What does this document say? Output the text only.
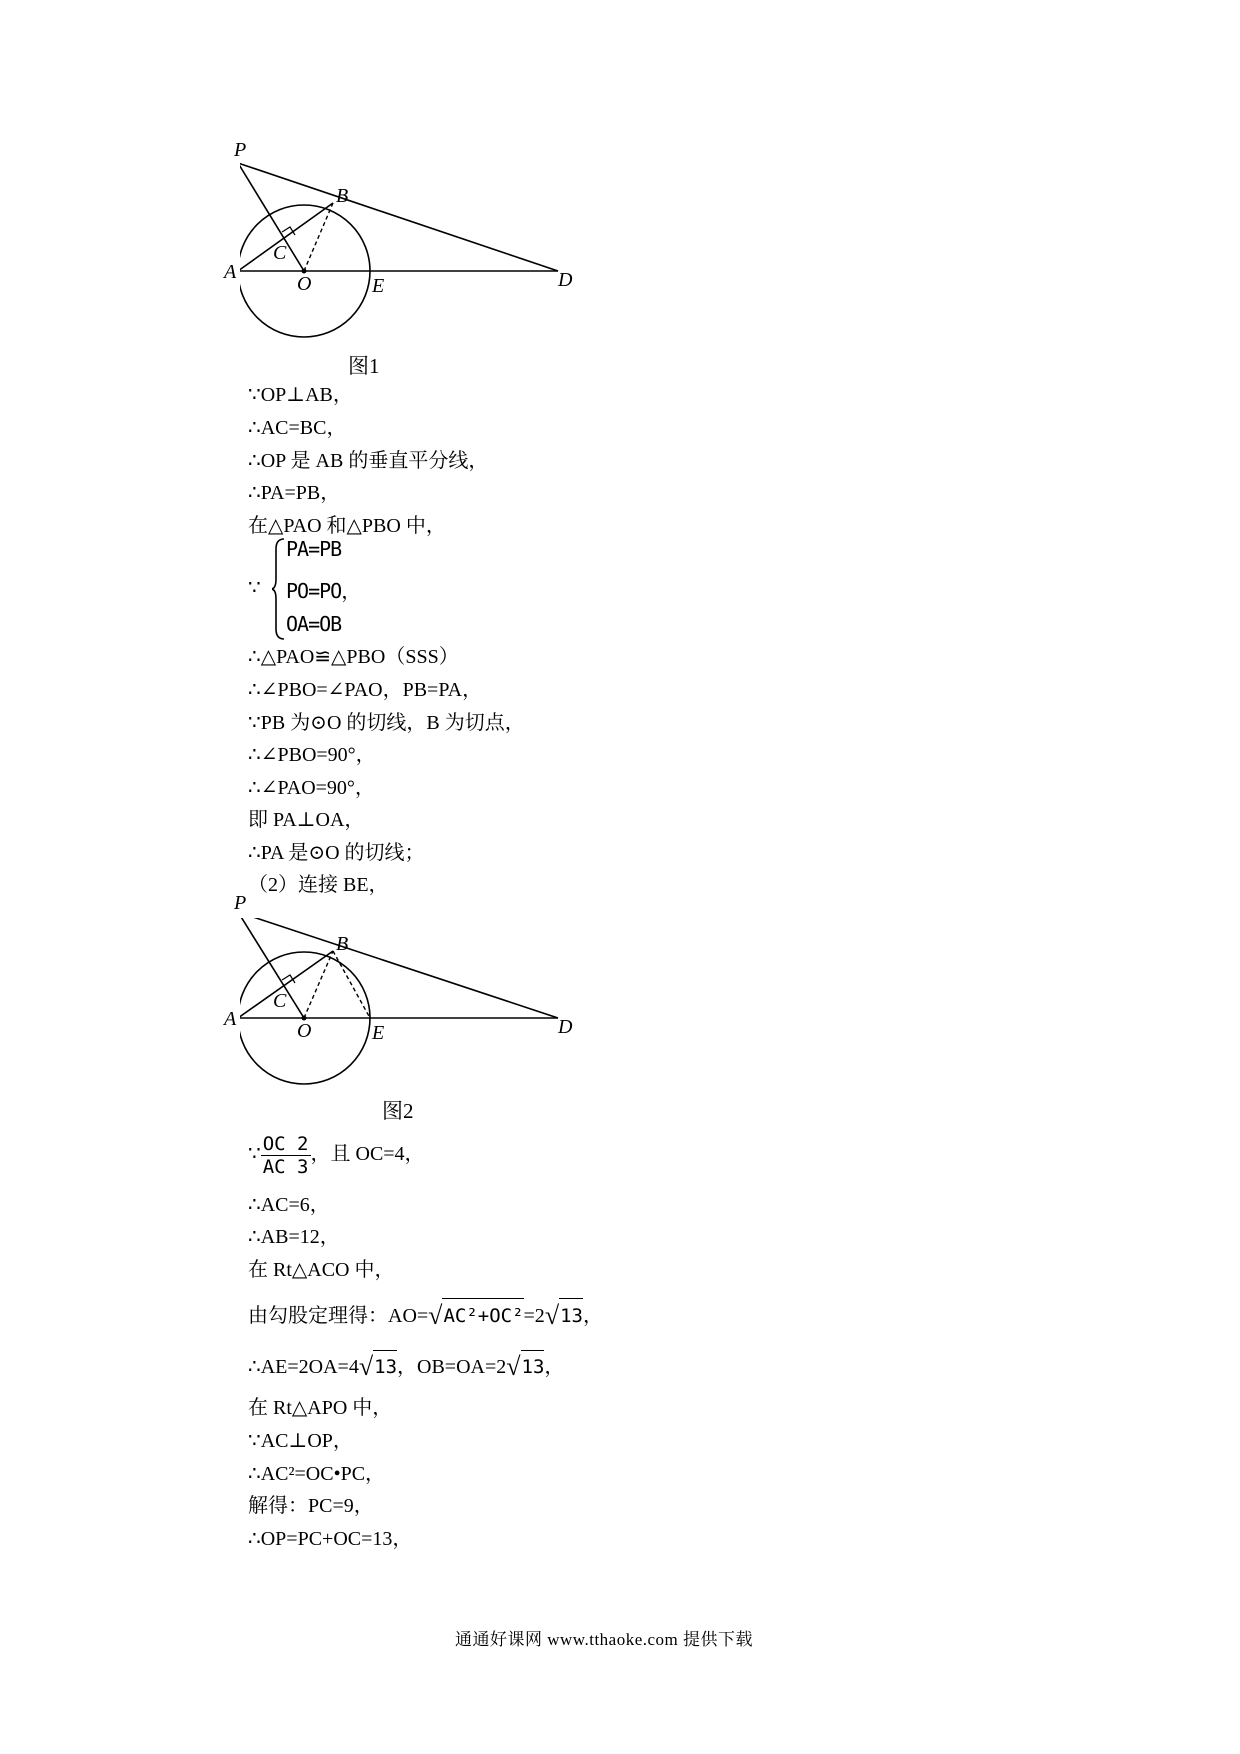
P
B
A
C
O	E	D
图1
∵OP⊥AB，
∴AC=BC，
∴OP 是 AB 的垂直平分线，
∴PA=PB，
在△PAO 和△PBO 中，
∵
PA=PB
PO=PO，
OA=OB
∴△PAO≌△PBO（SSS）
∴∠PBO=∠PAO，PB=PA，
∵PB 为⊙O 的切线，B 为切点，
∴∠PBO=90°，
∴∠PAO=90°，
即 PA⊥OA，
∴PA 是⊙O 的切线；
（2）连接 BE，
P
B
A
C
O	E	D
图2
∵ $\frac{OC 2}{AC 3}$ ，且 OC=4，
∴AC=6，
∴AB=12，
在 Rt△ACO 中，
由勾股定理得：AO=√AC²+OC²=2√13，
∴AE=2OA=4√13，OB=OA=2√13，
在 Rt△APO 中，
∵AC⊥OP，
∴AC²=OC•PC，
解得：PC=9，
∴OP=PC+OC=13，
通通好课网 www.tthaoke.com 提供下载
